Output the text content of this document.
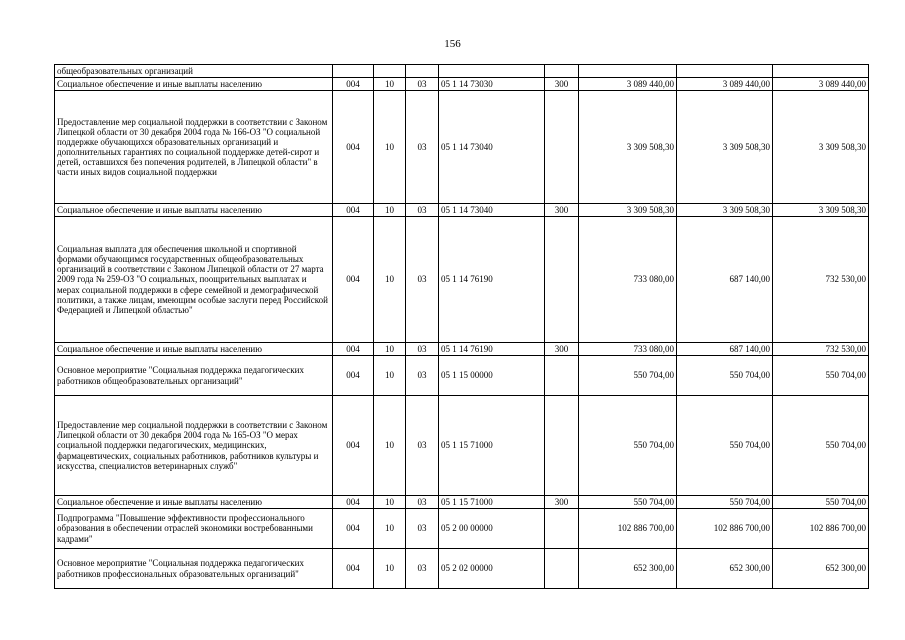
156
общеобразовательных организаций								
Социальное обеспечение и иные выплаты населению	004	10	03	05 1 14 73030	300	3 089 440,00	3 089 440,00	3 089 440,00
Предоставление мер социальной поддержки в соответствии с Законом Липецкой области от 30 декабря 2004 года № 166-ОЗ "О социальной поддержке обучающихся образовательных организаций и дополнительных гарантиях по социальной поддержке детей-сирот и детей, оставшихся без попечения родителей, в Липецкой области" в части иных видов социальной поддержки	004	10	03	05 1 14 73040		3 309 508,30	3 309 508,30	3 309 508,30
Социальное обеспечение и иные выплаты населению	004	10	03	05 1 14 73040	300	3 309 508,30	3 309 508,30	3 309 508,30
Социальная выплата для обеспечения школьной и спортивной формами обучающимся государственных общеобразовательных организаций в соответствии с Законом Липецкой области от 27 марта 2009 года № 259-ОЗ "О социальных, поощрительных выплатах и мерах социальной поддержки в сфере семейной и демографической политики, а также лицам, имеющим особые заслуги перед Российской Федерацией и Липецкой областью"	004	10	03	05 1 14 76190		733 080,00	687 140,00	732 530,00
Социальное обеспечение и иные выплаты населению	004	10	03	05 1 14 76190	300	733 080,00	687 140,00	732 530,00
Основное мероприятие "Социальная поддержка педагогических работников общеобразовательных организаций"	004	10	03	05 1 15 00000		550 704,00	550 704,00	550 704,00
Предоставление мер социальной поддержки в соответствии с Законом Липецкой области от 30 декабря 2004 года № 165-ОЗ "О мерах социальной поддержки педагогических, медицинских, фармацевтических, социальных работников, работников культуры и искусства, специалистов ветеринарных служб"	004	10	03	05 1 15 71000		550 704,00	550 704,00	550 704,00
Социальное обеспечение и иные выплаты населению	004	10	03	05 1 15 71000	300	550 704,00	550 704,00	550 704,00
Подпрограмма "Повышение эффективности профессионального образования в обеспечении отраслей экономики востребованными кадрами"	004	10	03	05 2 00 00000		102 886 700,00	102 886 700,00	102 886 700,00
Основное мероприятие "Социальная поддержка педагогических работников профессиональных образовательных организаций"	004	10	03	05 2 02 00000		652 300,00	652 300,00	652 300,00
